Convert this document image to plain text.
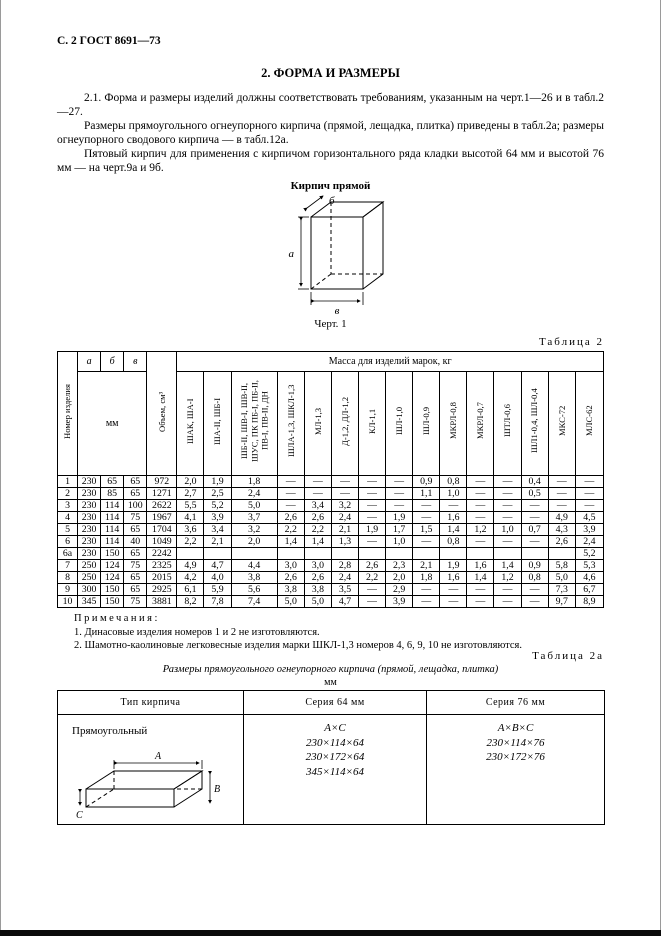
С. 2 ГОСТ 8691—73
2. ФОРМА И РАЗМЕРЫ

2.1. Форма и размеры изделий должны соответствовать требованиям, указанным на черт.1—26 и в табл.2—27.

Размеры прямоугольного огнеупорного кирпича (прямой, лещадка, плитка) приведены в табл.2а; размеры огнеупорного сводового кирпича — в табл.12а.

Пятовый кирпич для применения с кирпичом горизонтального ряда кладки высотой 64 мм и высотой 76 мм — на черт.9а и 9б.

Кирпич прямой
а
б
в
Черт. 1
Таблица 2
Номер изделия	а	б	в	Объем, см³	Масса для изделий марок, кг														
	мм				ШАК, ША-I	ША-II, ШБ-I	ШБ-II, ШВ-I, ШВ-II, ШУС, ПК ПБ-I, ПБ-II, ПВ-I, ПВ-II, ДН	ШЛА-1,3, ШКЛ-1,3	МЛ-1,3	Д-1,2, ДЛ-1,2	КЛ-1,1	ШЛ-1,0	ШЛ-0,9	МКРЛ-0,8	МКРЛ-0,7	ШТЛ-0,6	ШЛ1-0,4, ШЛ-0,4	МКС-72	МЛС-62
1	230	65	65	972	2,0	1,9	1,8	—	—	—	—	—	0,9	0,8	—	—	0,4	—	—
2	230	85	65	1271	2,7	2,5	2,4	—	—	—	—	—	1,1	1,0	—	—	0,5	—	—
3	230	114	100	2622	5,5	5,2	5,0	—	3,4	3,2	—	—	—	—	—	—	—	—	—
4	230	114	75	1967	4,1	3,9	3,7	2,6	2,6	2,4	—	1,9	—	1,6	—	—	—	4,9	4,5
5	230	114	65	1704	3,6	3,4	3,2	2,2	2,2	2,1	1,9	1,7	1,5	1,4	1,2	1,0	0,7	4,3	3,9
6	230	114	40	1049	2,2	2,1	2,0	1,4	1,4	1,3	—	1,0	—	0,8	—	—	—	2,6	2,4
6а	230	150	65	2242															5,2
7	250	124	75	2325	4,9	4,7	4,4	3,0	3,0	2,8	2,6	2,3	2,1	1,9	1,6	1,4	0,9	5,8	5,3
8	250	124	65	2015	4,2	4,0	3,8	2,6	2,6	2,4	2,2	2,0	1,8	1,6	1,4	1,2	0,8	5,0	4,6
9	300	150	65	2925	6,1	5,9	5,6	3,8	3,8	3,5	—	2,9	—	—	—	—	—	7,3	6,7
10	345	150	75	3881	8,2	7,8	7,4	5,0	5,0	4,7	—	3,9	—	—	—	—	—	9,7	8,9
Примечания:
1. Динасовые изделия номеров 1 и 2 не изготовляются.
2. Шамотно-каолиновые легковесные изделия марки ШКЛ-1,3 номеров 4, 6, 9, 10 не изготовляются.
Таблица 2а
Размеры прямоугольного огнеупорного кирпича (прямой, лещадка, плитка)
мм
Тип кирпича	Серия 64 мм	Серия 76 мм

Прямоугольный
А
В
С

А×С
230×114×64
230×172×64
345×114×64

А×В×С
230×114×76
230×172×76
